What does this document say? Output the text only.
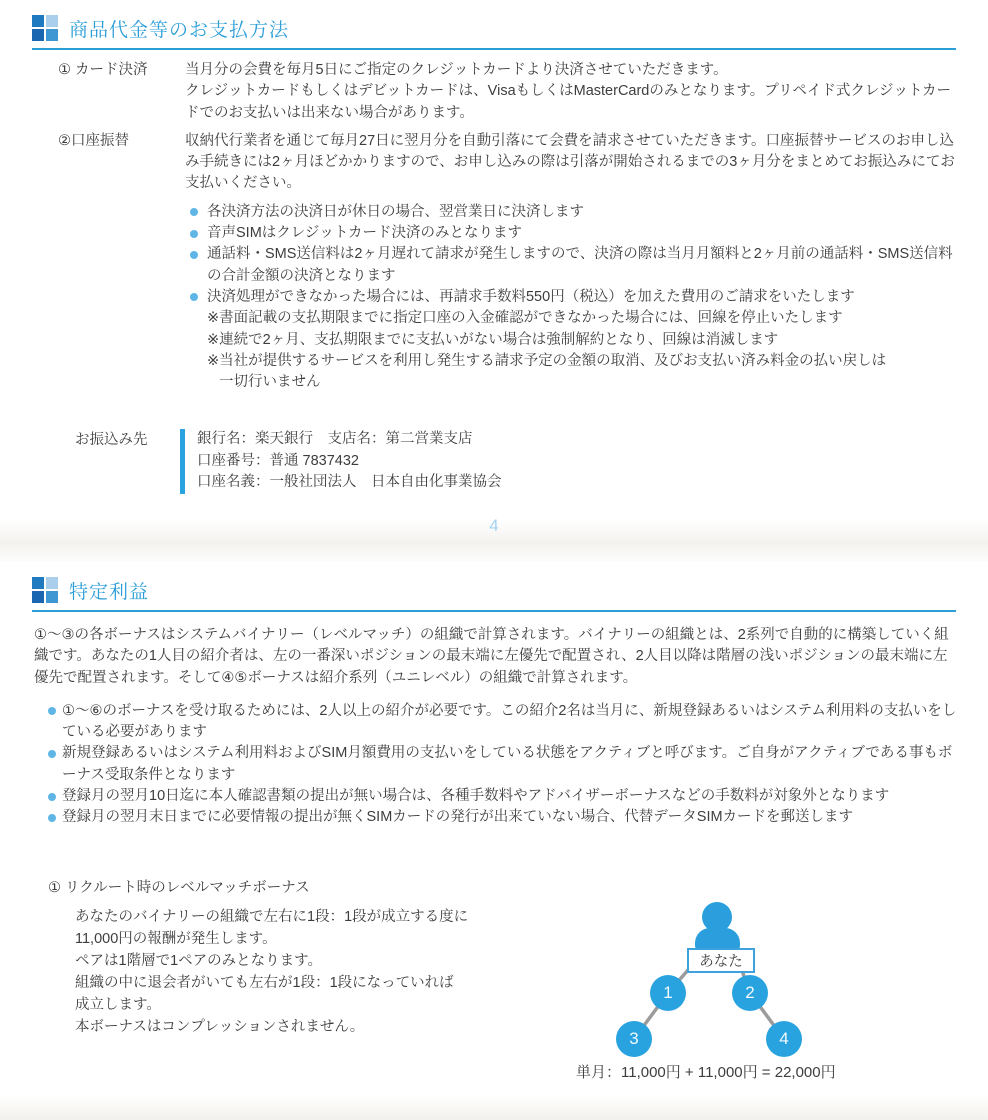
商品代金等のお支払方法
① カード決済	当月分の会費を毎月5日にご指定のクレジットカードより決済させていただきます。
クレジットカードもしくはデビットカードは、VisaもしくはMasterCardのみとなります。プリペイド式クレジットカードでのお支払いは出来ない場合があります。
②口座振替	収納代行業者を通じて毎月27日に翌月分を自動引落にて会費を請求させていただきます。口座振替サービスのお申し込み手続きには2ヶ月ほどかかりますので、お申し込みの際は引落が開始されるまでの3ヶ月分をまとめてお振込みにてお支払いください。
各決済方法の決済日が休日の場合、翌営業日に決済します
音声SIMはクレジットカード決済のみとなります
通話料・SMS送信料は2ヶ月遅れて請求が発生しますので、決済の際は当月月額料と2ヶ月前の通話料・SMS送信料の合計金額の決済となります
決済処理ができなかった場合には、再請求手数料550円（税込）を加えた費用のご請求をいたします
※書面記載の支払期限までに指定口座の入金確認ができなかった場合には、回線を停止いたします
※連続で2ヶ月、支払期限までに支払いがない場合は強制解約となり、回線は消滅します
※当社が提供するサービスを利用し発生する請求予定の金額の取消、及びお支払い済み料金の払い戻しは
一切行いません
お振込み先	銀行名：楽天銀行　支店名：第二営業支店
口座番号：普通 7837432
口座名義：一般社団法人　日本自由化事業協会
4
特定利益
①〜③の各ボーナスはシステムバイナリー（レベルマッチ）の組織で計算されます。バイナリーの組織とは、2系列で自動的に構築していく組織です。あなたの1人目の紹介者は、左の一番深いポジションの最末端に左優先で配置され、2人目以降は階層の浅いポジションの最末端に左優先で配置されます。そして④⑤ボーナスは紹介系列（ユニレベル）の組織で計算されます。
①〜⑥のボーナスを受け取るためには、2人以上の紹介が必要です。この紹介2名は当月に、新規登録あるいはシステム利用料の支払いをしている必要があります
新規登録あるいはシステム利用料およびSIM月額費用の支払いをしている状態をアクティブと呼びます。ご自身がアクティブである事もボーナス受取条件となります
登録月の翌月10日迄に本人確認書類の提出が無い場合は、各種手数料やアドバイザーボーナスなどの手数料が対象外となります
登録月の翌月末日までに必要情報の提出が無くSIMカードの発行が出来ていない場合、代替データSIMカードを郵送します
① リクルート時のレベルマッチボーナス
あなたのバイナリーの組織で左右に1段：1段が成立する度に
11,000円の報酬が発生します。
ペアは1階層で1ペアのみとなります。
組織の中に退会者がいても左右が1段：1段になっていれば
成立します。
本ボーナスはコンプレッションされません。
あなた
1	2
3	4
単月：11,000円 + 11,000円 = 22,000円
